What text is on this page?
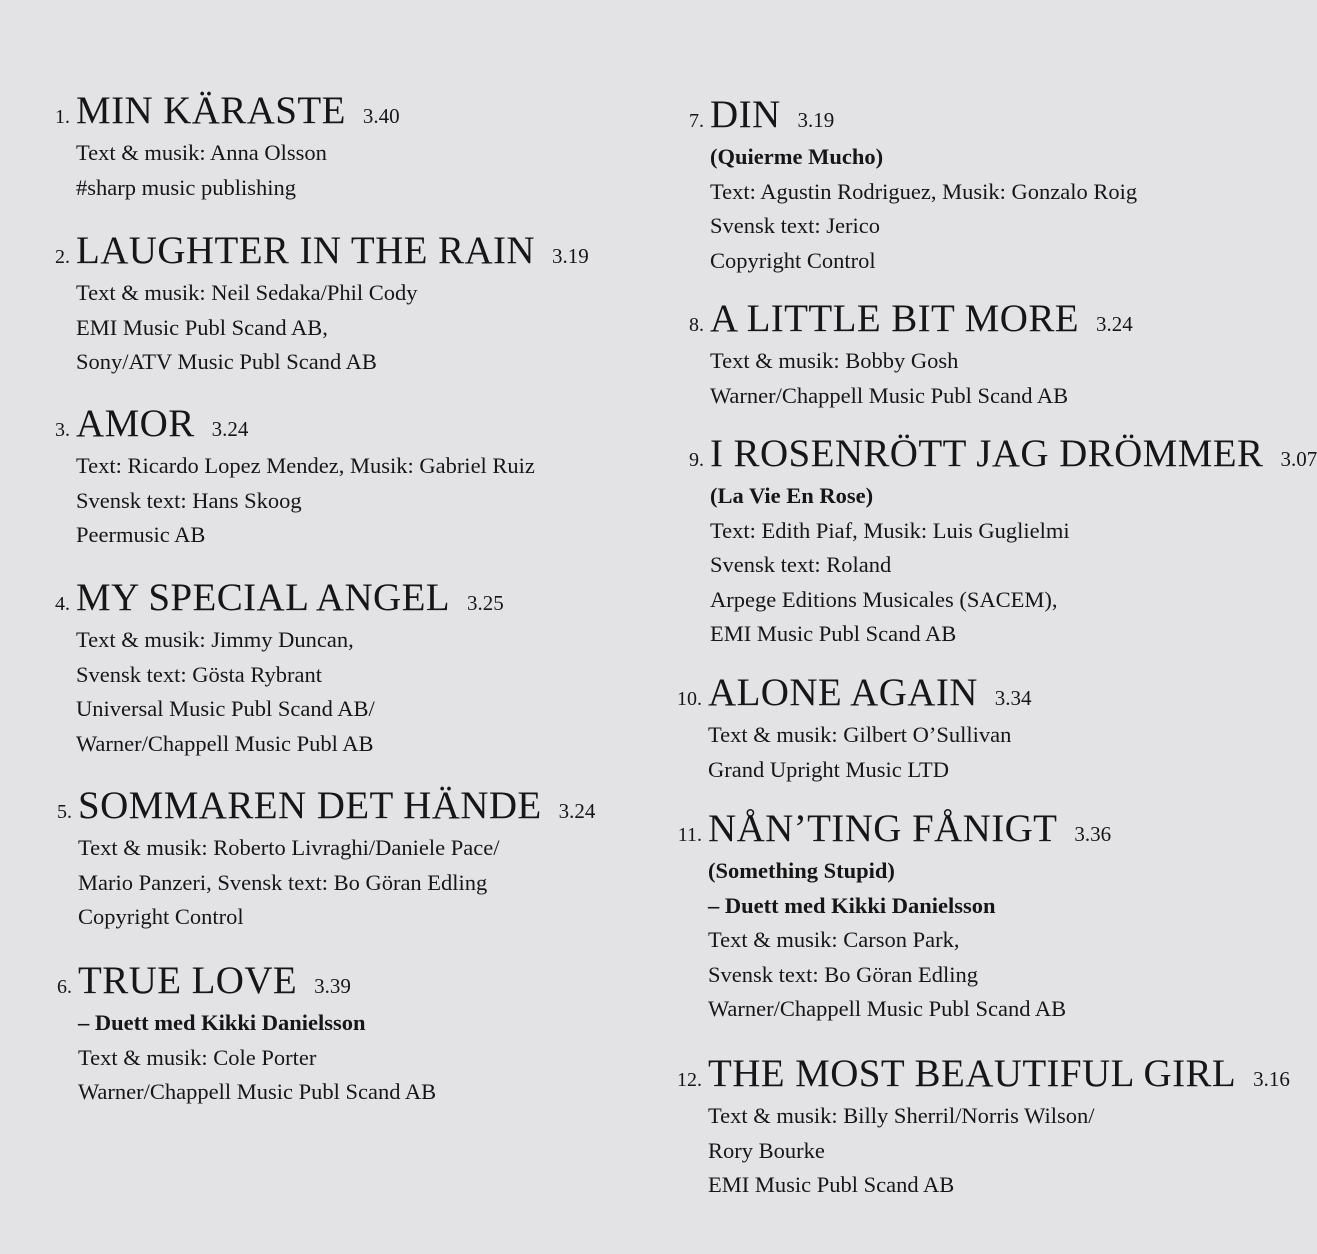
1. MIN KÄRASTE 3.40
Text & musik: Anna Olsson
#sharp music publishing
2. LAUGHTER IN THE RAIN 3.19
Text & musik: Neil Sedaka/Phil Cody
EMI Music Publ Scand AB,
Sony/ATV Music Publ Scand AB
3. AMOR 3.24
Text: Ricardo Lopez Mendez, Musik: Gabriel Ruiz
Svensk text: Hans Skoog
Peermusic AB
4. MY SPECIAL ANGEL 3.25
Text & musik: Jimmy Duncan,
Svensk text: Gösta Rybrant
Universal Music Publ Scand AB/
Warner/Chappell Music Publ AB
5. SOMMAREN DET HÄNDE 3.24
Text & musik: Roberto Livraghi/Daniele Pace/
Mario Panzeri, Svensk text: Bo Göran Edling
Copyright Control
6. TRUE LOVE 3.39
– Duett med Kikki Danielsson
Text & musik: Cole Porter
Warner/Chappell Music Publ Scand AB
7. DIN 3.19
(Quierme Mucho)
Text: Agustin Rodriguez, Musik: Gonzalo Roig
Svensk text: Jerico
Copyright Control
8. A LITTLE BIT MORE 3.24
Text & musik: Bobby Gosh
Warner/Chappell Music Publ Scand AB
9. I ROSENRÖTT JAG DRÖMMER 3.07
(La Vie En Rose)
Text: Edith Piaf, Musik: Luis Guglielmi
Svensk text: Roland
Arpege Editions Musicales (SACEM),
EMI Music Publ Scand AB
10. ALONE AGAIN 3.34
Text & musik: Gilbert O’Sullivan
Grand Upright Music LTD
11. NÅN’TING FÅNIGT 3.36
(Something Stupid)
– Duett med Kikki Danielsson
Text & musik: Carson Park,
Svensk text: Bo Göran Edling
Warner/Chappell Music Publ Scand AB
12. THE MOST BEAUTIFUL GIRL 3.16
Text & musik: Billy Sherril/Norris Wilson/
Rory Bourke
EMI Music Publ Scand AB
